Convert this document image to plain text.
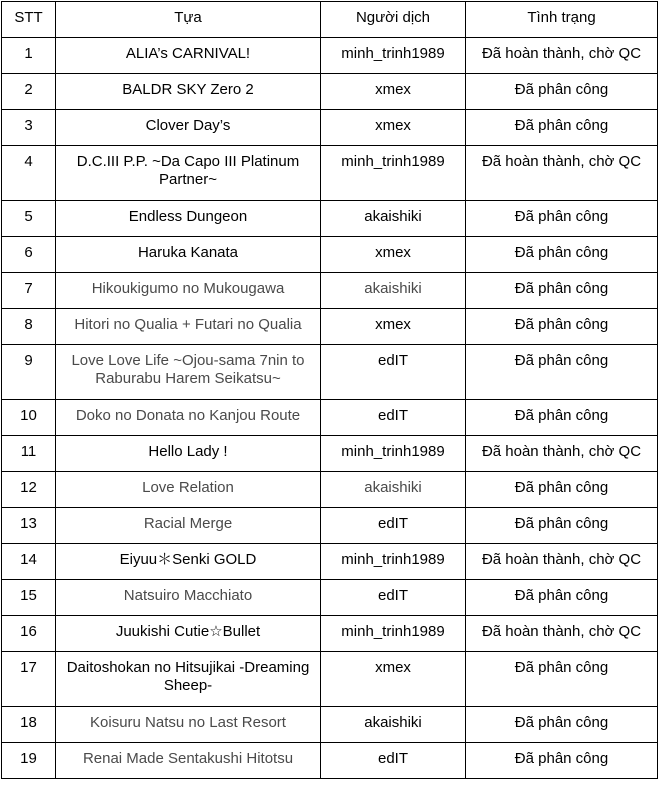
STT	Tựa	Người dịch	Tình trạng
1	ALIA’s CARNIVAL!	minh_trinh1989	Đã hoàn thành, chờ QC
2	BALDR SKY Zero 2	xmex	Đã phân công
3	Clover Day’s	xmex	Đã phân công
4	D.C.III P.P. ~Da Capo III Platinum Partner~	minh_trinh1989	Đã hoàn thành, chờ QC
5	Endless Dungeon	akaishiki	Đã phân công
6	Haruka Kanata	xmex	Đã phân công
7	Hikoukigumo no Mukougawa	akaishiki	Đã phân công
8	Hitori no Qualia + Futari no Qualia	xmex	Đã phân công
9	Love Love Life ~Ojou-sama 7nin to Raburabu Harem Seikatsu~	edIT	Đã phân công
10	Doko no Donata no Kanjou Route	edIT	Đã phân công
11	Hello Lady !	minh_trinh1989	Đã hoàn thành, chờ QC
12	Love Relation	akaishiki	Đã phân công
13	Racial Merge	edIT	Đã phân công
14	Eiyuu＊Senki GOLD	minh_trinh1989	Đã hoàn thành, chờ QC
15	Natsuiro Macchiato	edIT	Đã phân công
16	Juukishi Cutie☆Bullet	minh_trinh1989	Đã hoàn thành, chờ QC
17	Daitoshokan no Hitsujikai -Dreaming Sheep-	xmex	Đã phân công
18	Koisuru Natsu no Last Resort	akaishiki	Đã phân công
19	Renai Made Sentakushi Hitotsu	edIT	Đã phân công
